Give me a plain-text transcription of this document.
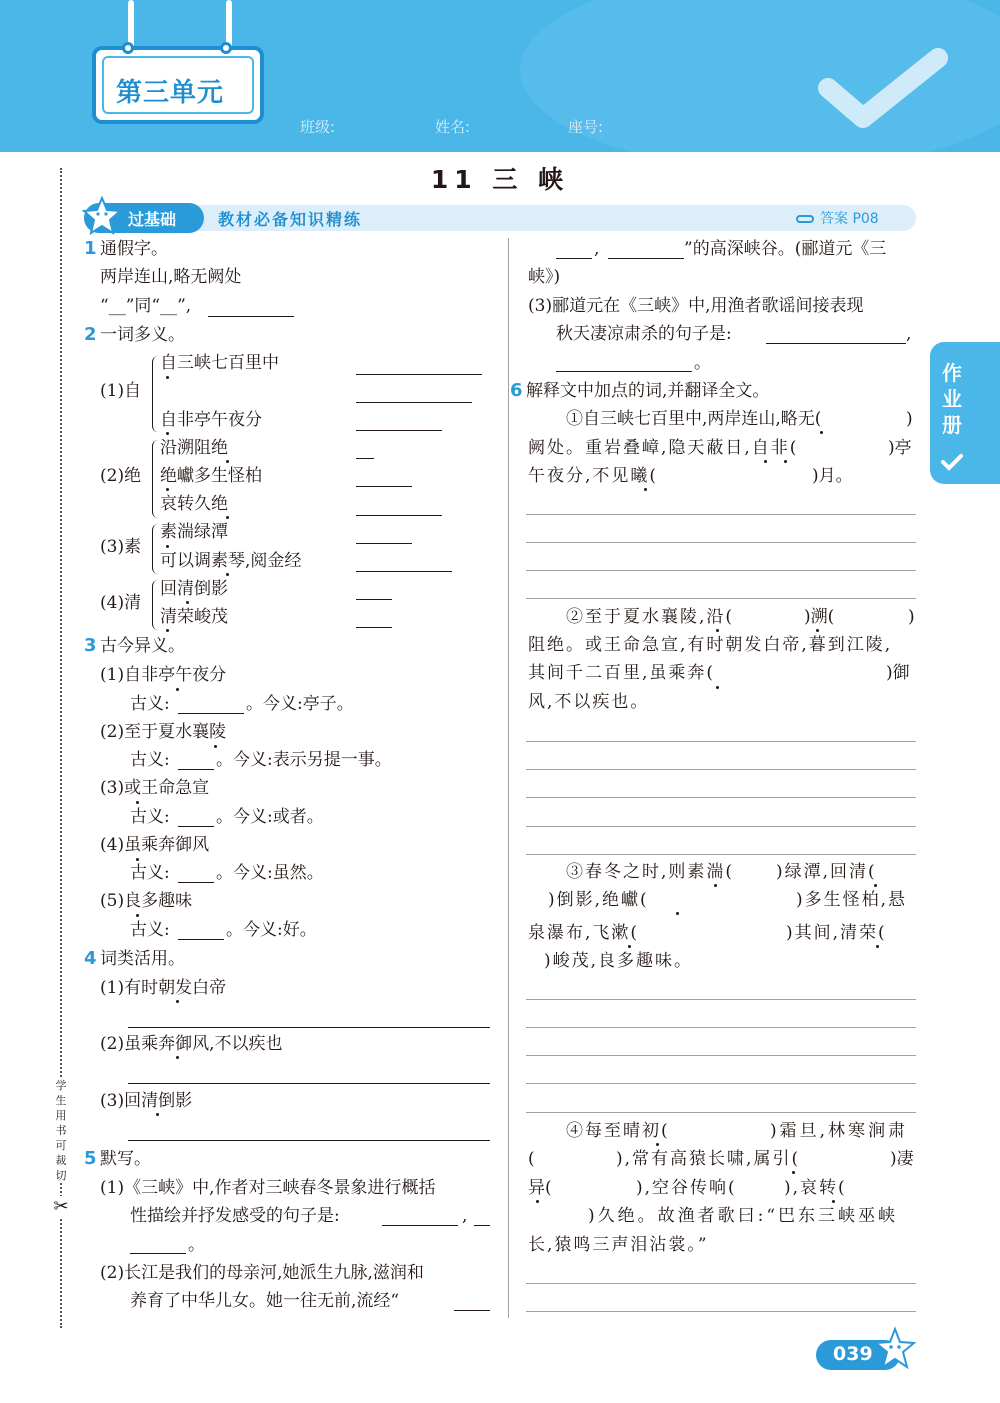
第三单元
班级:	姓名:	座号:
11 三 峡
学
生
用
书
可
裁
切
✂
过基础	教材必备知识精练	答案 P08
1 通假字。
两岸连山,略无阙处
“__”同“__”,
2 一词多义。
(1)自
自三峡七百里中
自非亭午夜分
(2)绝
沿溯阻绝
绝巘多生怪柏
哀转久绝
(3)素
素湍绿潭
可以调素琴,阅金经
(4)清
回清倒影
清荣峻茂
3 古今异义。
(1)自非亭午夜分
古义:	。今义:亭子。
(2)至于夏水襄陵
古义:	。今义:表示另提一事。
(3)或王命急宣
古义:	。今义:或者。
(4)虽乘奔御风
古义:	。今义:虽然。
(5)良多趣味
古义:	。今义:好。
4 词类活用。
(1)有时朝发白帝
(2)虽乘奔御风,不以疾也
(3)回清倒影
5 默写。
(1)《三峡》中,作者对三峡春冬景象进行概括
性描绘并抒发感受的句子是:	,
。
(2)长江是我们的母亲河,她派生九脉,滋润和
养育了中华儿女。她一往无前,流经“
,	”的高深峡谷。(郦道元《三
峡》)
(3)郦道元在《三峡》中,用渔者歌谣间接表现
秋天凄凉肃杀的句子是:	,
。
6 解释文中加点的词,并翻译全文。
①自三峡七百里中,两岸连山,略无(	)
阙处。重岩叠嶂,隐天蔽日,自非(	)亭
午夜分,不见曦(	)月。
②至于夏水襄陵,沿(	)溯(	)
阻绝。或王命急宣,有时朝发白帝,暮到江陵,
其间千二百里,虽乘奔(	)御
风,不以疾也。
③春冬之时,则素湍( )绿潭,回清(
)倒影,绝巘(	)多生怪柏,悬
泉瀑布,飞漱(	)其间,清荣(
)峻茂,良多趣味。
④每至晴初(	)霜旦,林寒涧肃
(	),常有高猿长啸,属引(	)凄
异(	),空谷传响(	),哀转(
)久绝。故渔者歌曰:“巴东三峡巫峡
长,猿鸣三声泪沾裳。”
作
业
册
039
